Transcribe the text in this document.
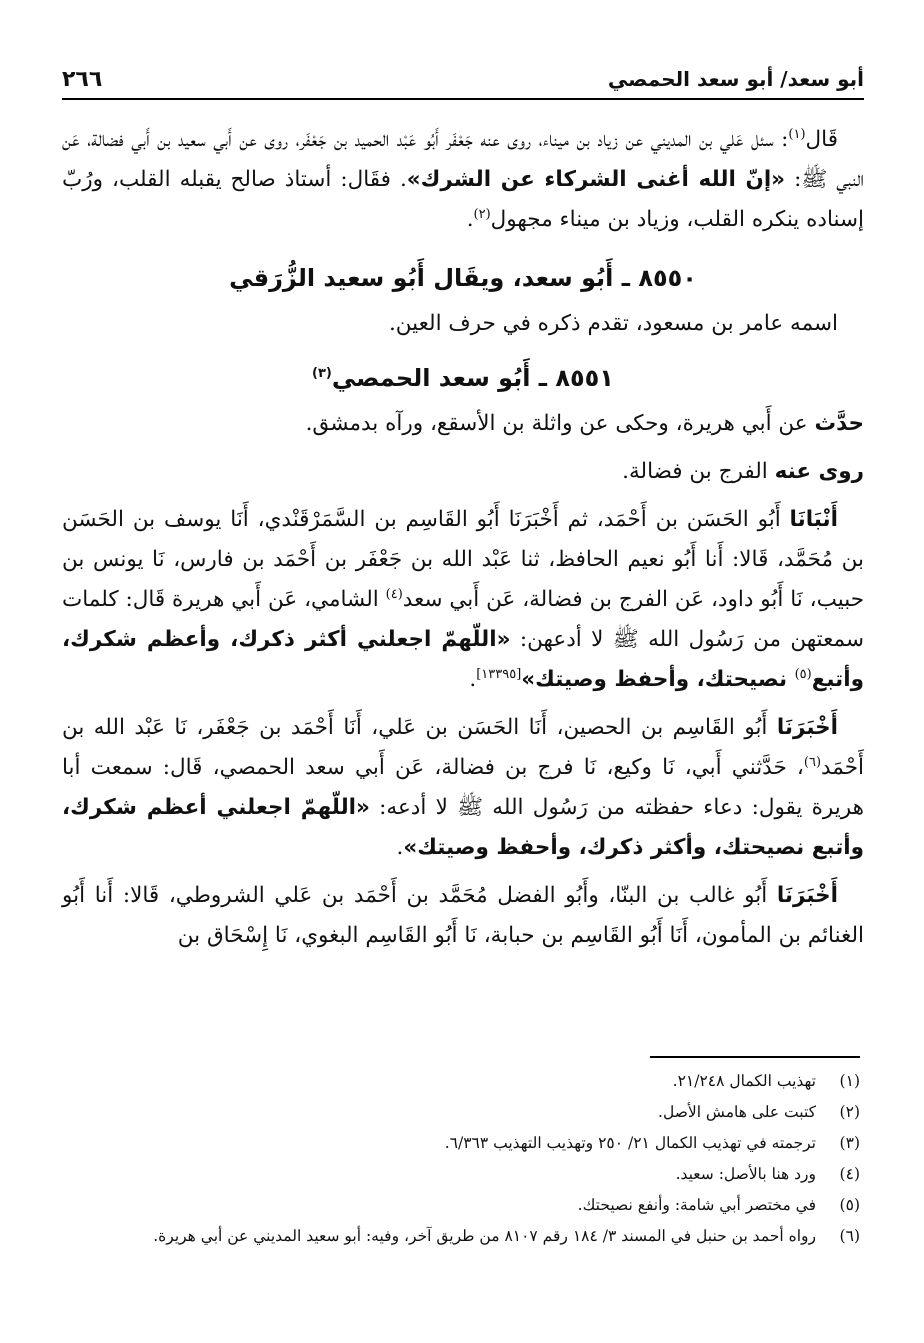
أبو سعد/ أبو سعد الحمصي
٢٦٦

قَال$^{(١)}$: سئل عَلي بن المديني عن زياد بن ميناء، روى عنه جَعْفَر أَبُو عَبْد الحميد بن جَعْفَر، روى عن أَبي سعيد بن أَبي فضالة، عَن النبي ﷺ: «إنّ الله أغنى الشركاء عن الشرك». فقَال: أستاذ صالح يقبله القلب، ورُبّ إسناده ينكره القلب، وزياد بن ميناء مجهول$^{(٢)}$.

٨٥٥٠ ـ أَبُو سعد، ويقَال أَبُو سعيد الزُّرَقي

اسمه عامر بن مسعود، تقدم ذكره في حرف العين.

٨٥٥١ ـ أَبُو سعد الحمصي$^{(٣)}$

حدَّث عن أَبي هريرة، وحكى عن واثلة بن الأسقع، ورآه بدمشق.

روى عنه الفرج بن فضالة.

أَنْبَانَا أَبُو الحَسَن بن أَحْمَد، ثم أَخْبَرَنَا أَبُو القَاسِم بن السَّمَرْقَنْدي، أَنَا يوسف بن الحَسَن بن مُحَمَّد، قَالا: أَنا أَبُو نعيم الحافظ، ثنا عَبْد الله بن جَعْفَر بن أَحْمَد بن فارس، نَا يونس بن حبيب، نَا أَبُو داود، عَن الفرج بن فضالة، عَن أَبي سعد$^{(٤)}$ الشامي، عَن أَبي هريرة قَال: كلمات سمعتهن من رَسُول الله ﷺ لا أدعهن: «اللّهمّ اجعلني أكثر ذكرك، وأعظم شكرك، وأتبع$^{(٥)}$ نصيحتك، وأحفظ وصيتك»[١٣٣٩٥].

أَخْبَرَنَا أَبُو القَاسِم بن الحصين، أَنَا الحَسَن بن عَلي، أَنَا أَحْمَد بن جَعْفَر، نَا عَبْد الله بن أَحْمَد$^{(٦)}$، حَدَّثني أَبي، نَا وكيع، نَا فرج بن فضالة، عَن أَبي سعد الحمصي، قَال: سمعت أبا هريرة يقول: دعاء حفظته من رَسُول الله ﷺ لا أدعه: «اللّهمّ اجعلني أعظم شكرك، وأتبع نصيحتك، وأكثر ذكرك، وأحفظ وصيتك».

أَخْبَرَنَا أَبُو غالب بن البنّا، وأَبُو الفضل مُحَمَّد بن أَحْمَد بن عَلي الشروطي، قَالا: أَنا أَبُو الغنائم بن المأمون، أَنَا أَبُو القَاسِم بن حبابة، نَا أَبُو القَاسِم البغوي، نَا إِسْحَاق بن

(١)
تهذيب الكمال ٢١/٢٤٨.
(٢)
كتبت على هامش الأصل.
(٣)
ترجمته في تهذيب الكمال ٢١/ ٢٥٠ وتهذيب التهذيب ٦/٣٦٣.
(٤)
ورد هنا بالأصل: سعيد.
(٥)
في مختصر أبي شامة: وأنفع نصيحتك.
(٦)
رواه أحمد بن حنبل في المسند ٣/ ١٨٤ رقم ٨١٠٧ من طريق آخر، وفيه: أبو سعيد المديني عن أبي هريرة.
